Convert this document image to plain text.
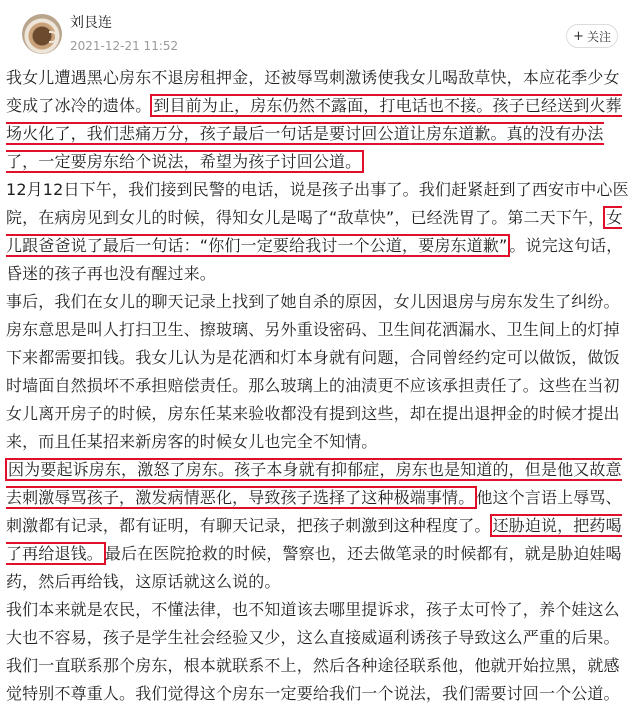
刘艮连
2021-12-21 11:52
+ 关注

我女儿遭遇黑心房东不退房租押金，还被辱骂刺激诱使我女儿喝敌草快，本应花季少女变成了冰冷的遗体。 到目前为止，房东仍然不露面，打电话也不接。孩子已经送到火葬场火化了，我们悲痛万分，孩子最后一句话是要讨回公道让房东道歉。真的没有办法了，一定要房东给个说法，希望为孩子讨回公道。

12月12日下午，我们接到民警的电话，说是孩子出事了。我们赶紧赶到了西安市中心医院，在病房见到女儿的时候，得知女儿是喝了“敌草快”，已经洗胃了。第二天下午， 女儿跟爸爸说了最后一句话：“你们一定要给我讨一个公道，要房东道歉” 。说完这句话，昏迷的孩子再也没有醒过来。

事后，我们在女儿的聊天记录上找到了她自杀的原因，女儿因退房与房东发生了纠纷。房东意思是叫人打扫卫生、擦玻璃、另外重设密码、卫生间花洒漏水、卫生间上的灯掉下来都需要扣钱。我女儿认为是花洒和灯本身就有问题，合同曾经约定可以做饭，做饭时墙面自然损坏不承担赔偿责任。那么玻璃上的油渍更不应该承担责任了。这些在当初女儿离开房子的时候，房东任某来验收都没有提到这些，却在提出退押金的时候才提出来，而且任某招来新房客的时候女儿也完全不知情。

因为要起诉房东，激怒了房东。孩子本身就有抑郁症，房东也是知道的，但是他又故意去刺激辱骂孩子，激发病情恶化，导致孩子选择了这种极端事情。 他这个言语上辱骂、刺激都有记录，都有证明，有聊天记录，把孩子刺激到这种程度了。 还胁迫说，把药喝了再给退钱。 最后在医院抢救的时候，警察也，还去做笔录的时候都有，就是胁迫娃喝药，然后再给钱，这原话就这么说的。

我们本来就是农民，不懂法律，也不知道该去哪里提诉求，孩子太可怜了，养个娃这么大也不容易，孩子是学生社会经验又少，这么直接威逼利诱孩子导致这么严重的后果。我们一直联系那个房东，根本就联系不上，然后各种途径联系他，他就开始拉黑，就感觉特别不尊重人。我们觉得这个房东一定要给我们一个说法，我们需要讨回一个公道。
